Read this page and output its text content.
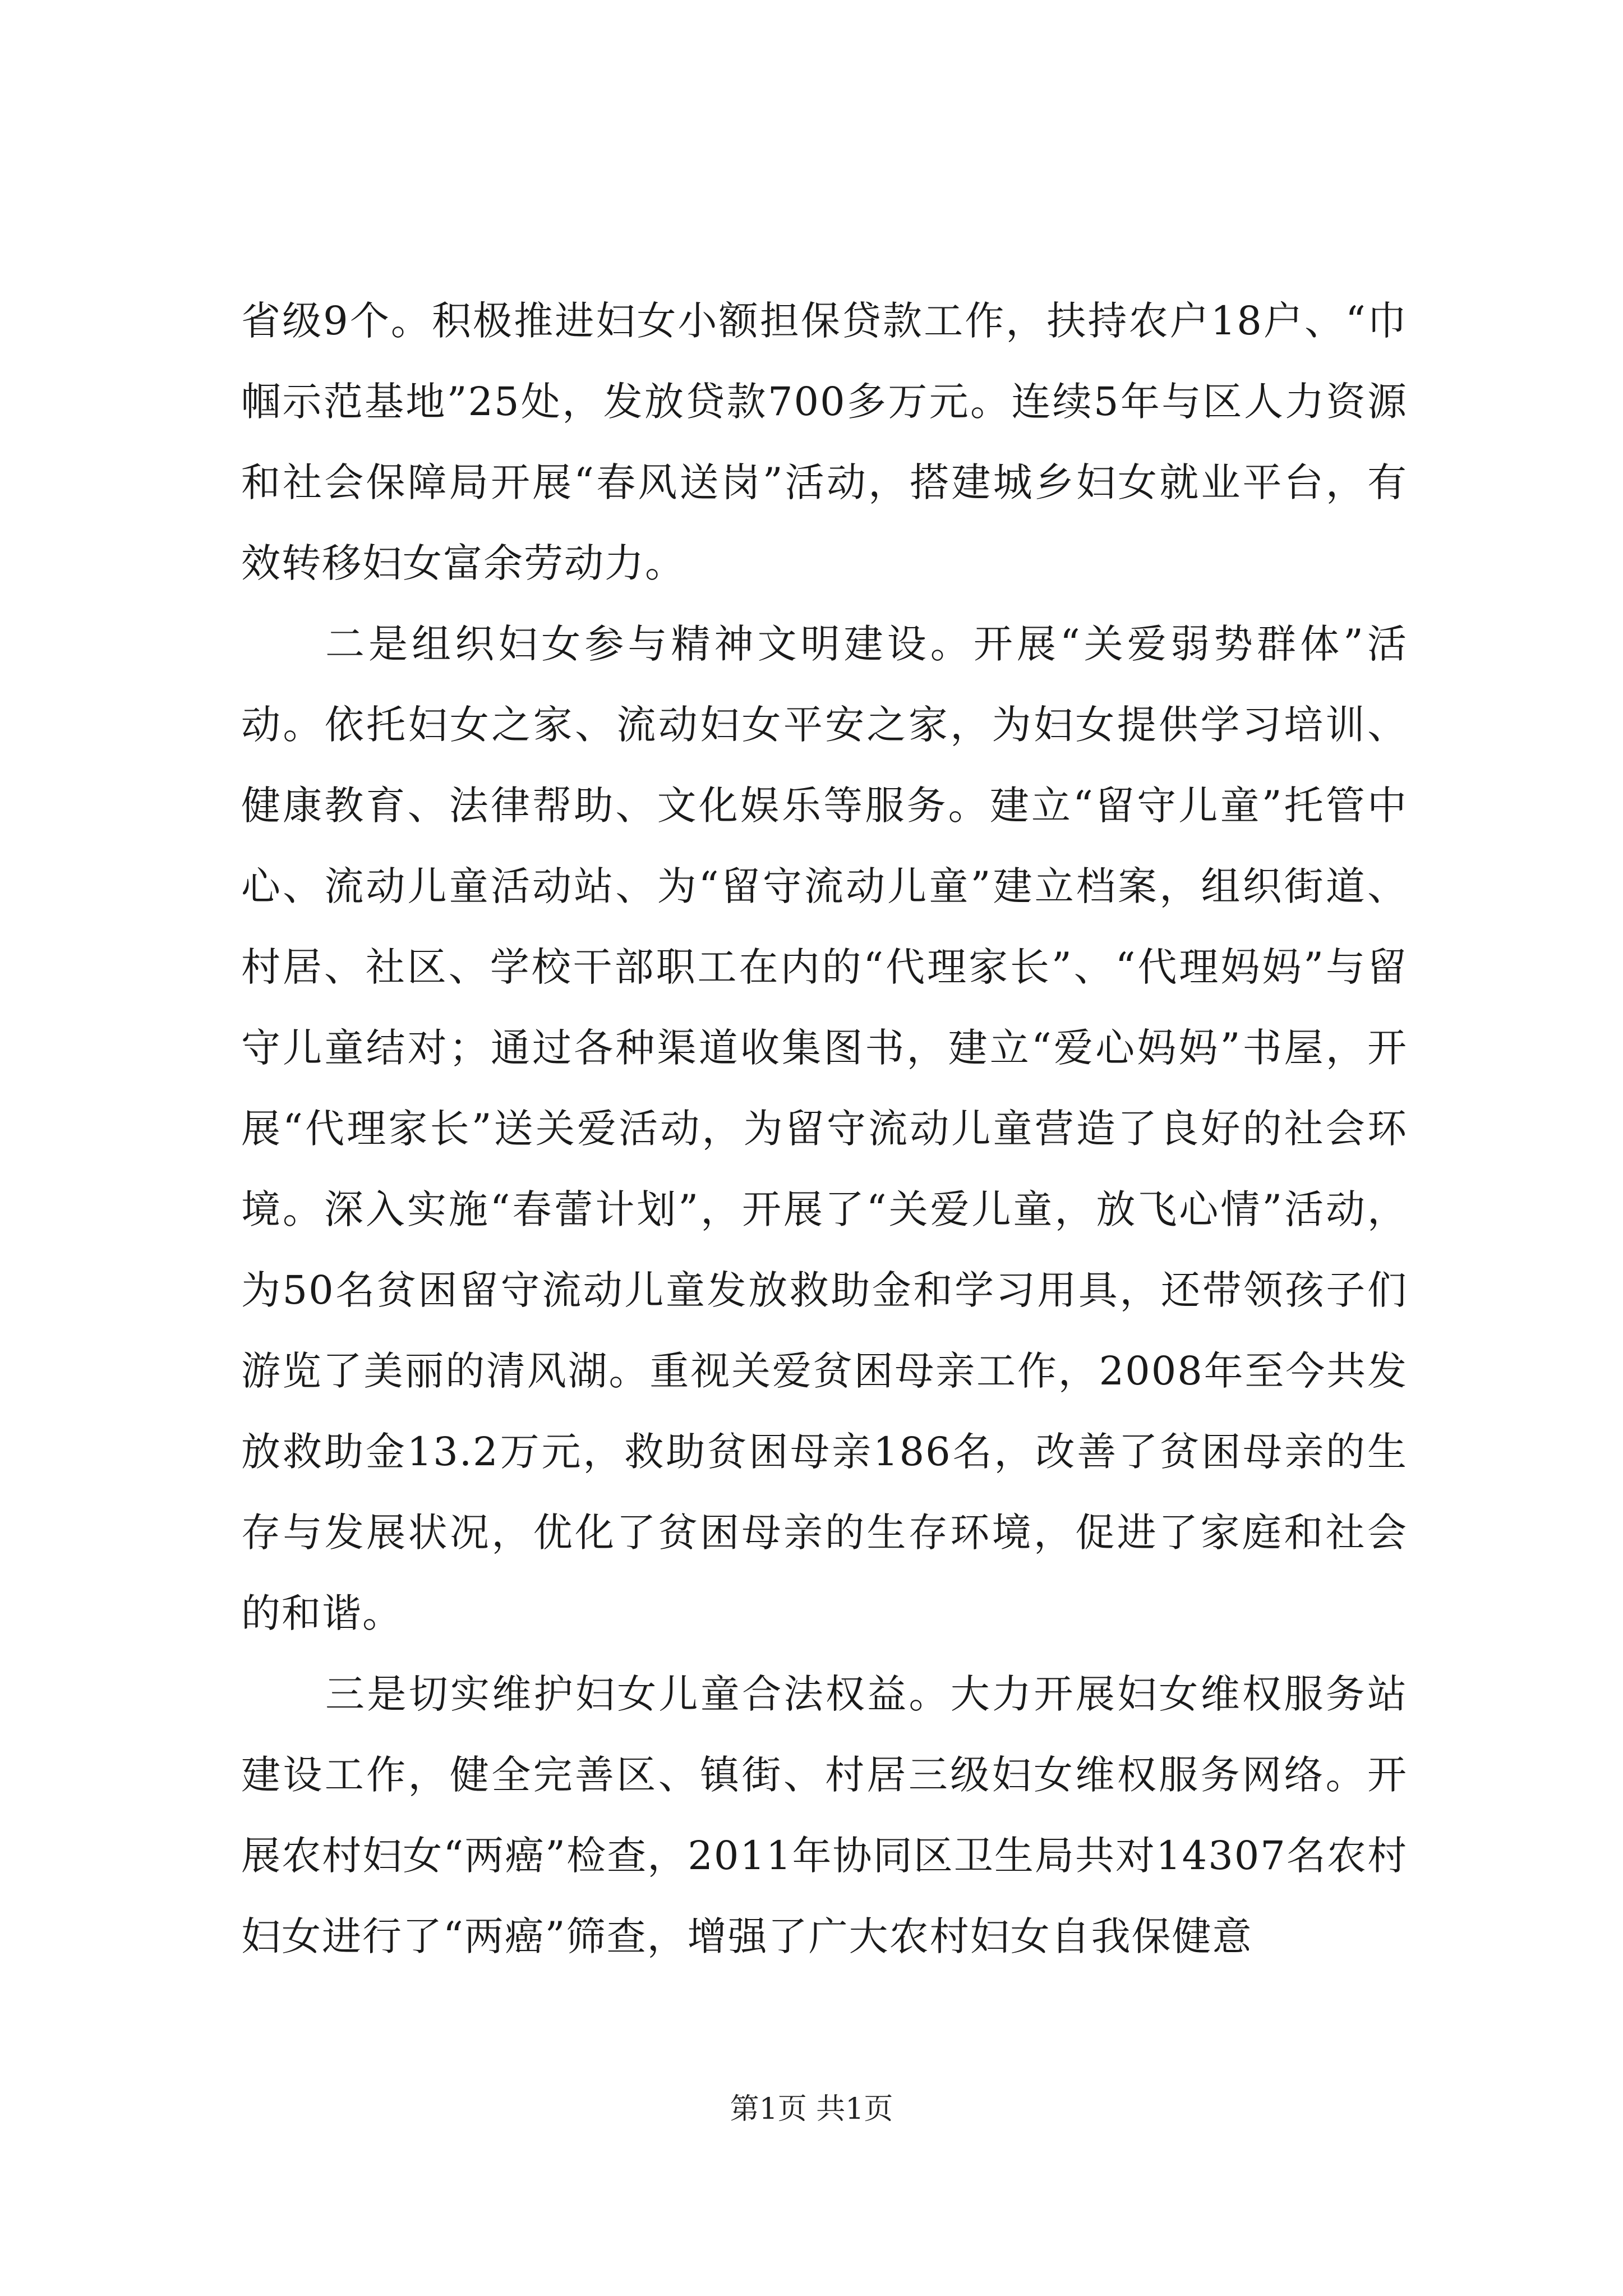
省级9个。积极推进妇女小额担保贷款工作，扶持农户18户、“巾帼示范基地”25处，发放贷款700多万元。连续5年与区人力资源和社会保障局开展“春风送岗”活动，搭建城乡妇女就业平台，有效转移妇女富余劳动力。

二是组织妇女参与精神文明建设。开展“关爱弱势群体”活动。依托妇女之家、流动妇女平安之家，为妇女提供学习培训、健康教育、法律帮助、文化娱乐等服务。建立“留守儿童”托管中心、流动儿童活动站、为“留守流动儿童”建立档案，组织街道、村居、社区、学校干部职工在内的“代理家长”、“代理妈妈”与留守儿童结对；通过各种渠道收集图书，建立“爱心妈妈”书屋，开展“代理家长”送关爱活动，为留守流动儿童营造了良好的社会环境。深入实施“春蕾计划”，开展了“关爱儿童，放飞心情”活动，为50名贫困留守流动儿童发放救助金和学习用具，还带领孩子们游览了美丽的清风湖。重视关爱贫困母亲工作，2008年至今共发放救助金13.2万元，救助贫困母亲186名，改善了贫困母亲的生存与发展状况，优化了贫困母亲的生存环境，促进了家庭和社会的和谐。

三是切实维护妇女儿童合法权益。大力开展妇女维权服务站建设工作，健全完善区、镇街、村居三级妇女维权服务网络。开展农村妇女“两癌”检查，2011年协同区卫生局共对14307名农村妇女进行了“两癌”筛查，增强了广大农村妇女自我保健意

第1页 共1页
